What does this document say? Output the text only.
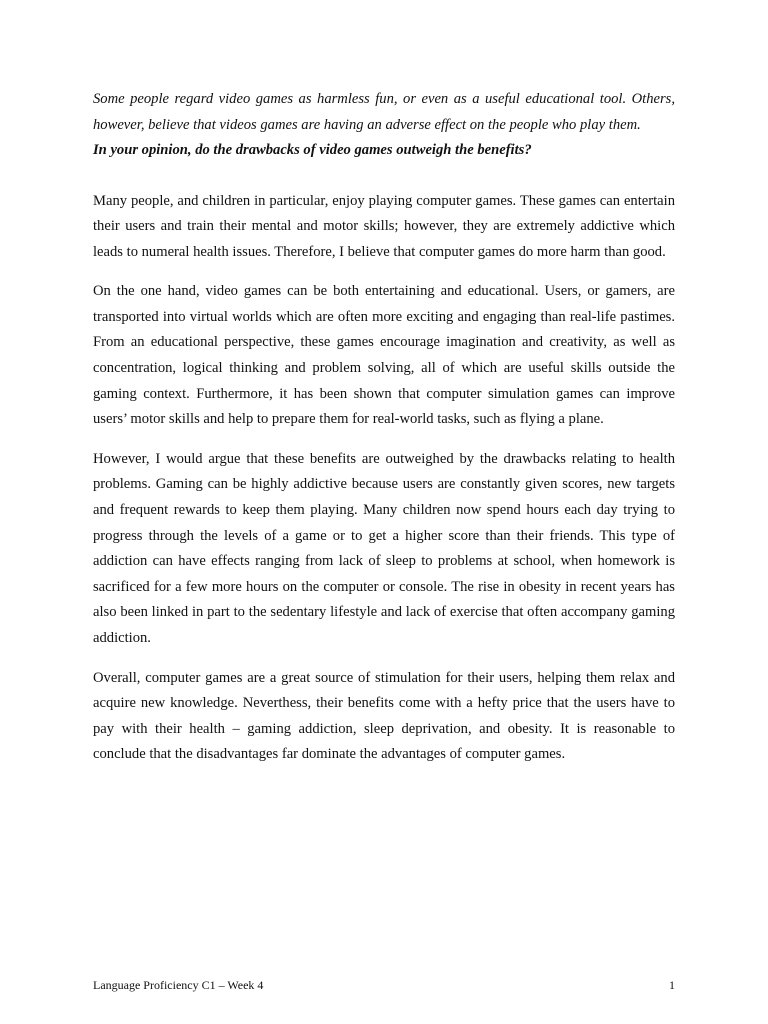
Some people regard video games as harmless fun, or even as a useful educational tool. Others, however, believe that videos games are having an adverse effect on the people who play them.

In your opinion, do the drawbacks of video games outweigh the benefits?

Many people, and children in particular, enjoy playing computer games. These games can entertain their users and train their mental and motor skills; however, they are extremely addictive which leads to numeral health issues. Therefore, I believe that computer games do more harm than good.

On the one hand, video games can be both entertaining and educational. Users, or gamers, are transported into virtual worlds which are often more exciting and engaging than real-life pastimes. From an educational perspective, these games encourage imagination and creativity, as well as concentration, logical thinking and problem solving, all of which are useful skills outside the gaming context. Furthermore, it has been shown that computer simulation games can improve users’ motor skills and help to prepare them for real-world tasks, such as flying a plane.

However, I would argue that these benefits are outweighed by the drawbacks relating to health problems. Gaming can be highly addictive because users are constantly given scores, new targets and frequent rewards to keep them playing. Many children now spend hours each day trying to progress through the levels of a game or to get a higher score than their friends. This type of addiction can have effects ranging from lack of sleep to problems at school, when homework is sacrificed for a few more hours on the computer or console. The rise in obesity in recent years has also been linked in part to the sedentary lifestyle and lack of exercise that often accompany gaming addiction.

Overall, computer games are a great source of stimulation for their users, helping them relax and acquire new knowledge. Neverthess, their benefits come with a hefty price that the users have to pay with their health – gaming addiction, sleep deprivation, and obesity. It is reasonable to conclude that the disadvantages far dominate the advantages of computer games.

Language Proficiency C1 – Week 4	1
